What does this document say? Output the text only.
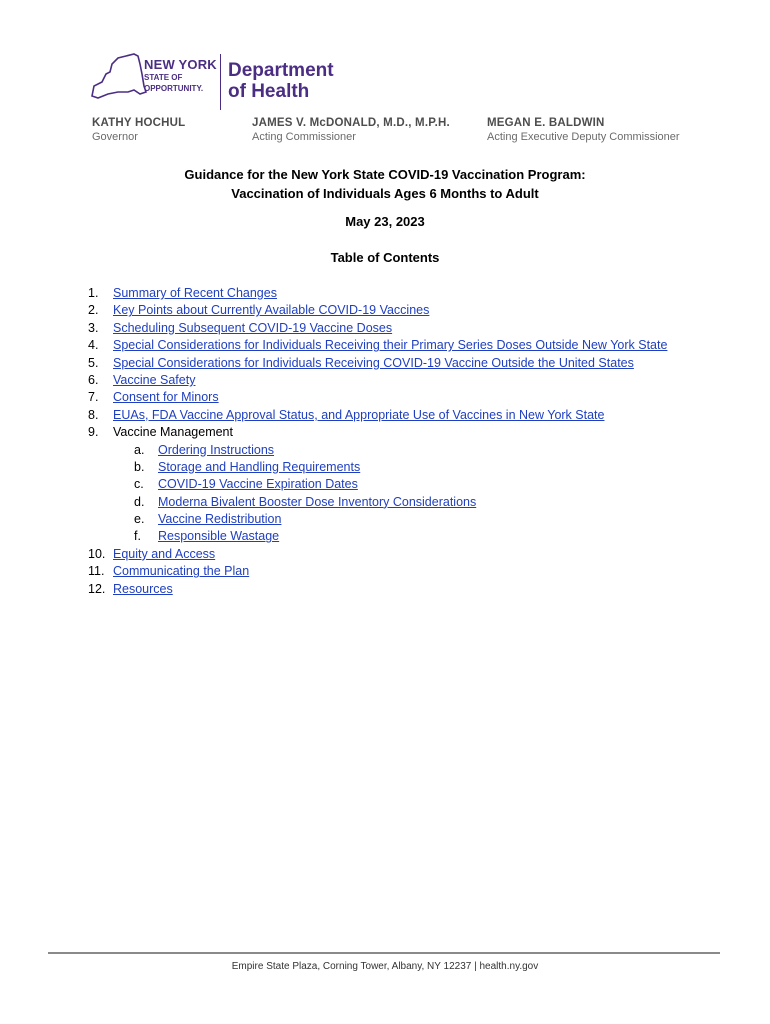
NEW YORK
STATE OF
OPPORTUNITY.
Department
of Health
KATHY HOCHUL
Governor
JAMES V. McDONALD, M.D., M.P.H.
Acting Commissioner
MEGAN E. BALDWIN
Acting Executive Deputy Commissioner
Guidance for the New York State COVID-19 Vaccination Program:
Vaccination of Individuals Ages 6 Months to Adult
May 23, 2023
Table of Contents
1.	Summary of Recent Changes
2.	Key Points about Currently Available COVID-19 Vaccines
3.	Scheduling Subsequent COVID-19 Vaccine Doses
4.	Special Considerations for Individuals Receiving their Primary Series Doses Outside New York State
5.	Special Considerations for Individuals Receiving COVID-19 Vaccine Outside the United States
6.	Vaccine Safety
7.	Consent for Minors
8.	EUAs, FDA Vaccine Approval Status, and Appropriate Use of Vaccines in New York State
9.	Vaccine Management
a.	Ordering Instructions
b.	Storage and Handling Requirements
c.	COVID-19 Vaccine Expiration Dates
d.	Moderna Bivalent Booster Dose Inventory Considerations
e.	Vaccine Redistribution
f.	Responsible Wastage
10. Equity and Access
11. Communicating the Plan
12. Resources
Empire State Plaza, Corning Tower, Albany, NY 12237 | health.ny.gov
